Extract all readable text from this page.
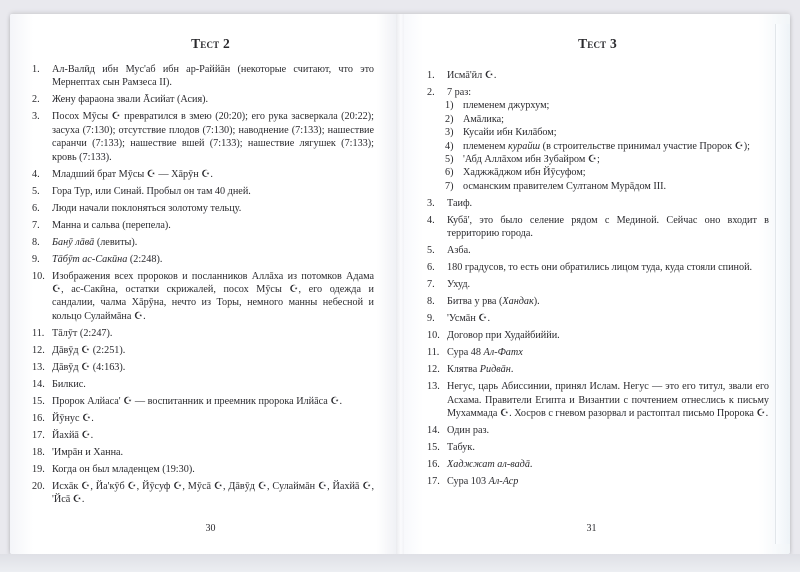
Тест 2
1.	Ал-Валӣд ибн Муc'аб ибн ар-Раййāн (некоторые считают, что это Мернептах сын Рамзеса II).
2.	Жену фараона звали Āсийат (Асия).
3.	Посох Мӯсы ☪ превратился в змею (20:20); его рука засверкала (20:22); засуха (7:130); отсутствие плодов (7:130); наводнение (7:133); нашествие саранчи (7:133); нашествие вшей (7:133); нашествие лягушек (7:133); кровь (7:133).
4.	Младший брат Мӯсы ☪ — Хāрӯн ☪.
5.	Гора Тур, или Синай. Пробыл он там 40 дней.
6.	Люди начали поклоняться золотому тельцу.
7.	Манна и сальва (перепела).
8.	Банӯ лāвā (левиты).
9.	Тāбӯт ас-Сакӣна (2:248).
10. Изображения всех пророков и посланников Аллāха из потомков Адама ☪, ас-Сакӣна, остатки скрижалей, посох Мӯсы ☪, его одежда и сандалии, чалма Хāрӯна, нечто из Торы, немного манны небесной и кольцо Сулаймāна ☪.
11. Тāлӯт (2:247).
12. Дāвӯд ☪ (2:251).
13. Дāвӯд ☪ (4:163).
14. Билкис.
15. Пророк Алйаса' ☪ — воспитанник и преемник пророка Илйāса ☪.
16. Йӯнус ☪.
17. Йахйā ☪.
18. 'Имрāн и Ханна.
19. Когда он был младенцем (19:30).
20. Исхāк ☪, Йа'кӯб ☪, Йӯсуф ☪, Мӯсā ☪, Дāвӯд ☪, Сулаймāн ☪, Йахйā ☪, 'Йсā ☪.
30
Тест 3
1.	Исмā'ӣл ☪.
2.	7 раз:
1) племенем джурхум;
2) Амāлика;
3) Кусайи ибн Килāбом;
4) племенем курайш (в строительстве принимал участие Пророк ☪);
5) 'Абд Аллāхом ибн Зубайром ☪;
6) Хаджжāджом ибн Йӯсуфом;
7) османским правителем Султаном Мурāдом III.
3.	Таиф.
4.	Кубā', это было селение рядом с Мединой. Сейчас оно входит в территорию города.
5.	Азба.
6.	180 градусов, то есть они обратились лицом туда, куда стояли спиной.
7.	Ухуд.
8.	Битва у рва (Хандак).
9.	'Усмāн ☪.
10. Договор при Худайбиййи.
11. Сура 48 Ал-Фатх
12. Клятва Ридвāн.
13. Негус, царь Абиссинии, принял Ислам. Негус — это его титул, звали его Асхама. Правители Египта и Византии с почтением отнеслись к письму Мухаммада ☪. Хосров с гневом разорвал и растоптал письмо Пророка ☪.
14. Один раз.
15. Табук.
16. Хаджжат ал-вадā.
17. Сура 103 Ал-Аср
31
